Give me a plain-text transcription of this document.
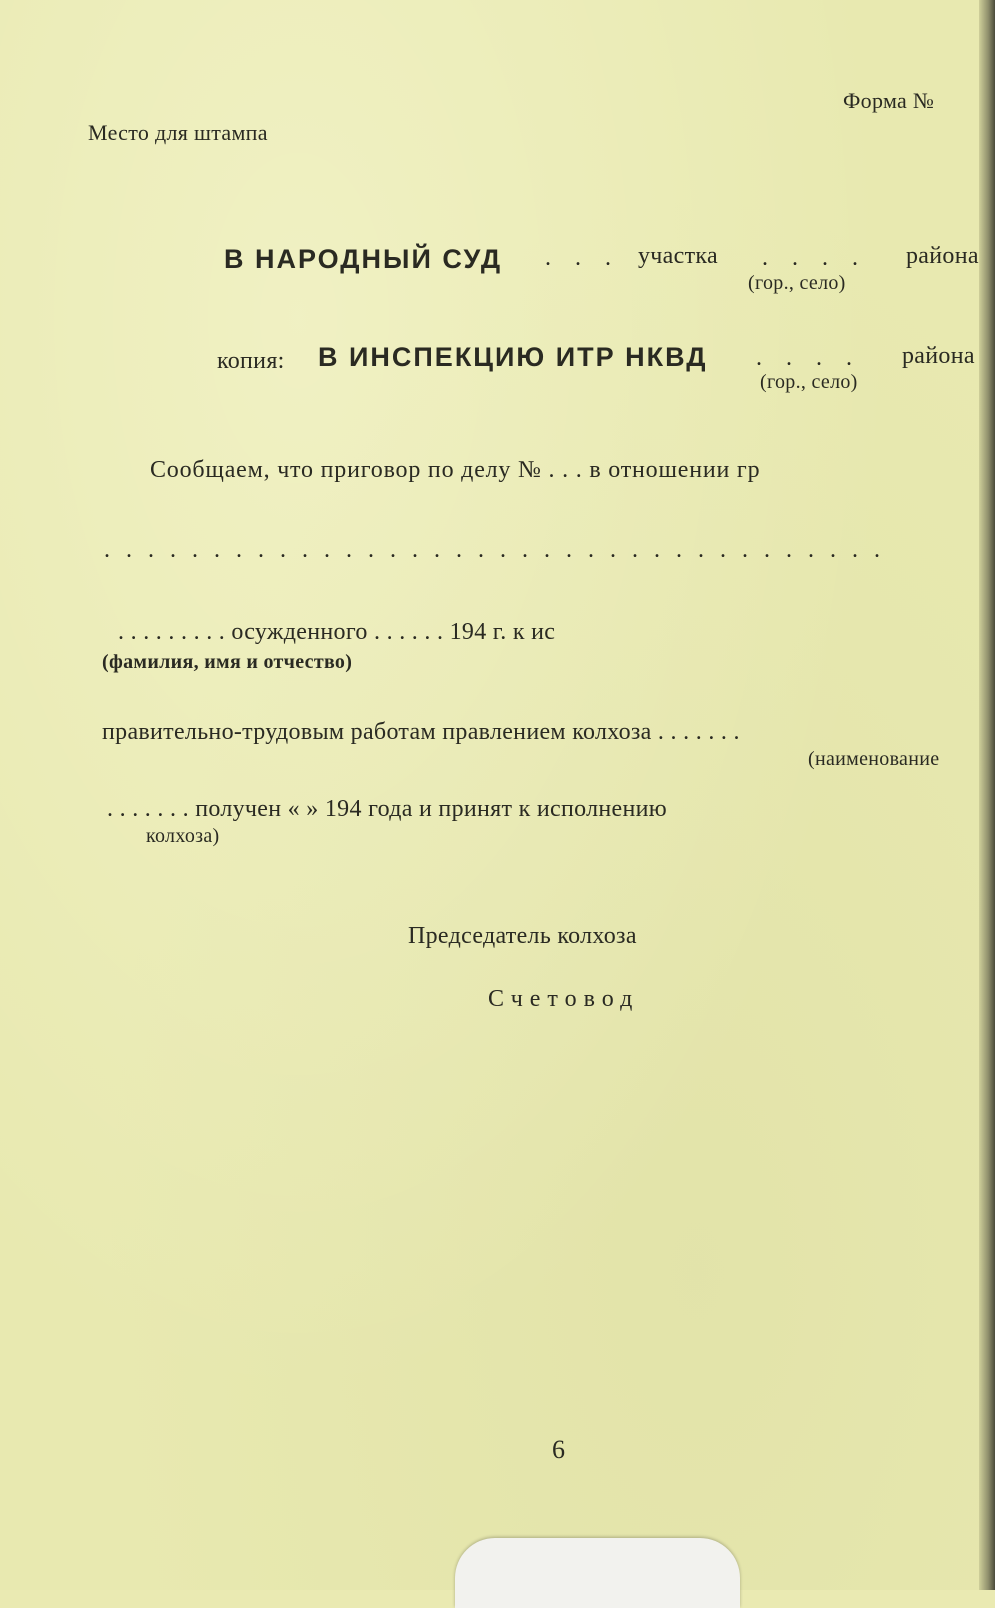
Место для штампа
Форма №
В НАРОДНЫЙ СУД . . . участка . . . . района
(гор., село)
копия: В ИНСПЕКЦИЮ ИТР НКВД . . . . района
(гор., село)
Сообщаем, что приговор по делу № . . . в отношении гр
. . . . . . . . . . . . . . . . . . . . . . . . . . . . . . . . . . . .
. . . . . . . . . осужденного . . . . . . 194 г. к ис
(фамилия, имя и отчество)
правительно-трудовым работам правлением колхоза . . . . . . .
(наименование
. . . . . . . получен « » 194 года и принят к исполнению
колхоза)
Председатель колхоза
Счетовод
6
